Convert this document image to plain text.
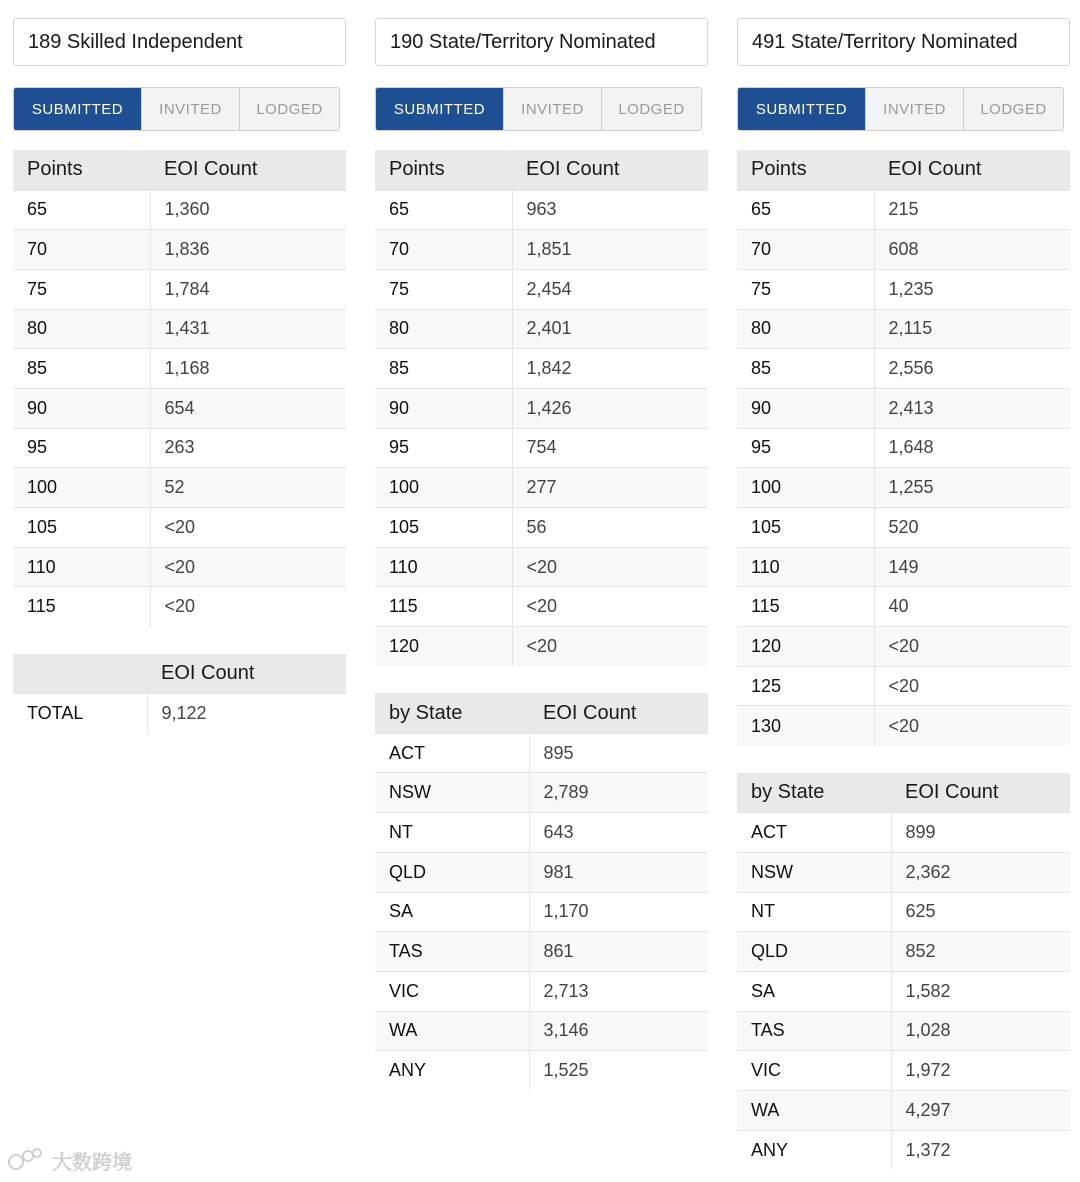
189 Skilled Independent
SUBMITTED	INVITED	LODGED
Points	EOI Count
65	1,360
70	1,836
75	1,784
80	1,431
85	1,168
90	654
95	263
100	52
105	<20
110	<20
115	<20
	EOI Count
TOTAL	9,122
190 State/Territory Nominated
SUBMITTED	INVITED	LODGED
Points	EOI Count
65	963
70	1,851
75	2,454
80	2,401
85	1,842
90	1,426
95	754
100	277
105	56
110	<20
115	<20
120	<20
by State	EOI Count
ACT	895
NSW	2,789
NT	643
QLD	981
SA	1,170
TAS	861
VIC	2,713
WA	3,146
ANY	1,525
491 State/Territory Nominated
SUBMITTED	INVITED	LODGED
Points	EOI Count
65	215
70	608
75	1,235
80	2,115
85	2,556
90	2,413
95	1,648
100	1,255
105	520
110	149
115	40
120	<20
125	<20
130	<20
by State	EOI Count
ACT	899
NSW	2,362
NT	625
QLD	852
SA	1,582
TAS	1,028
VIC	1,972
WA	4,297
ANY	1,372
大数跨境
